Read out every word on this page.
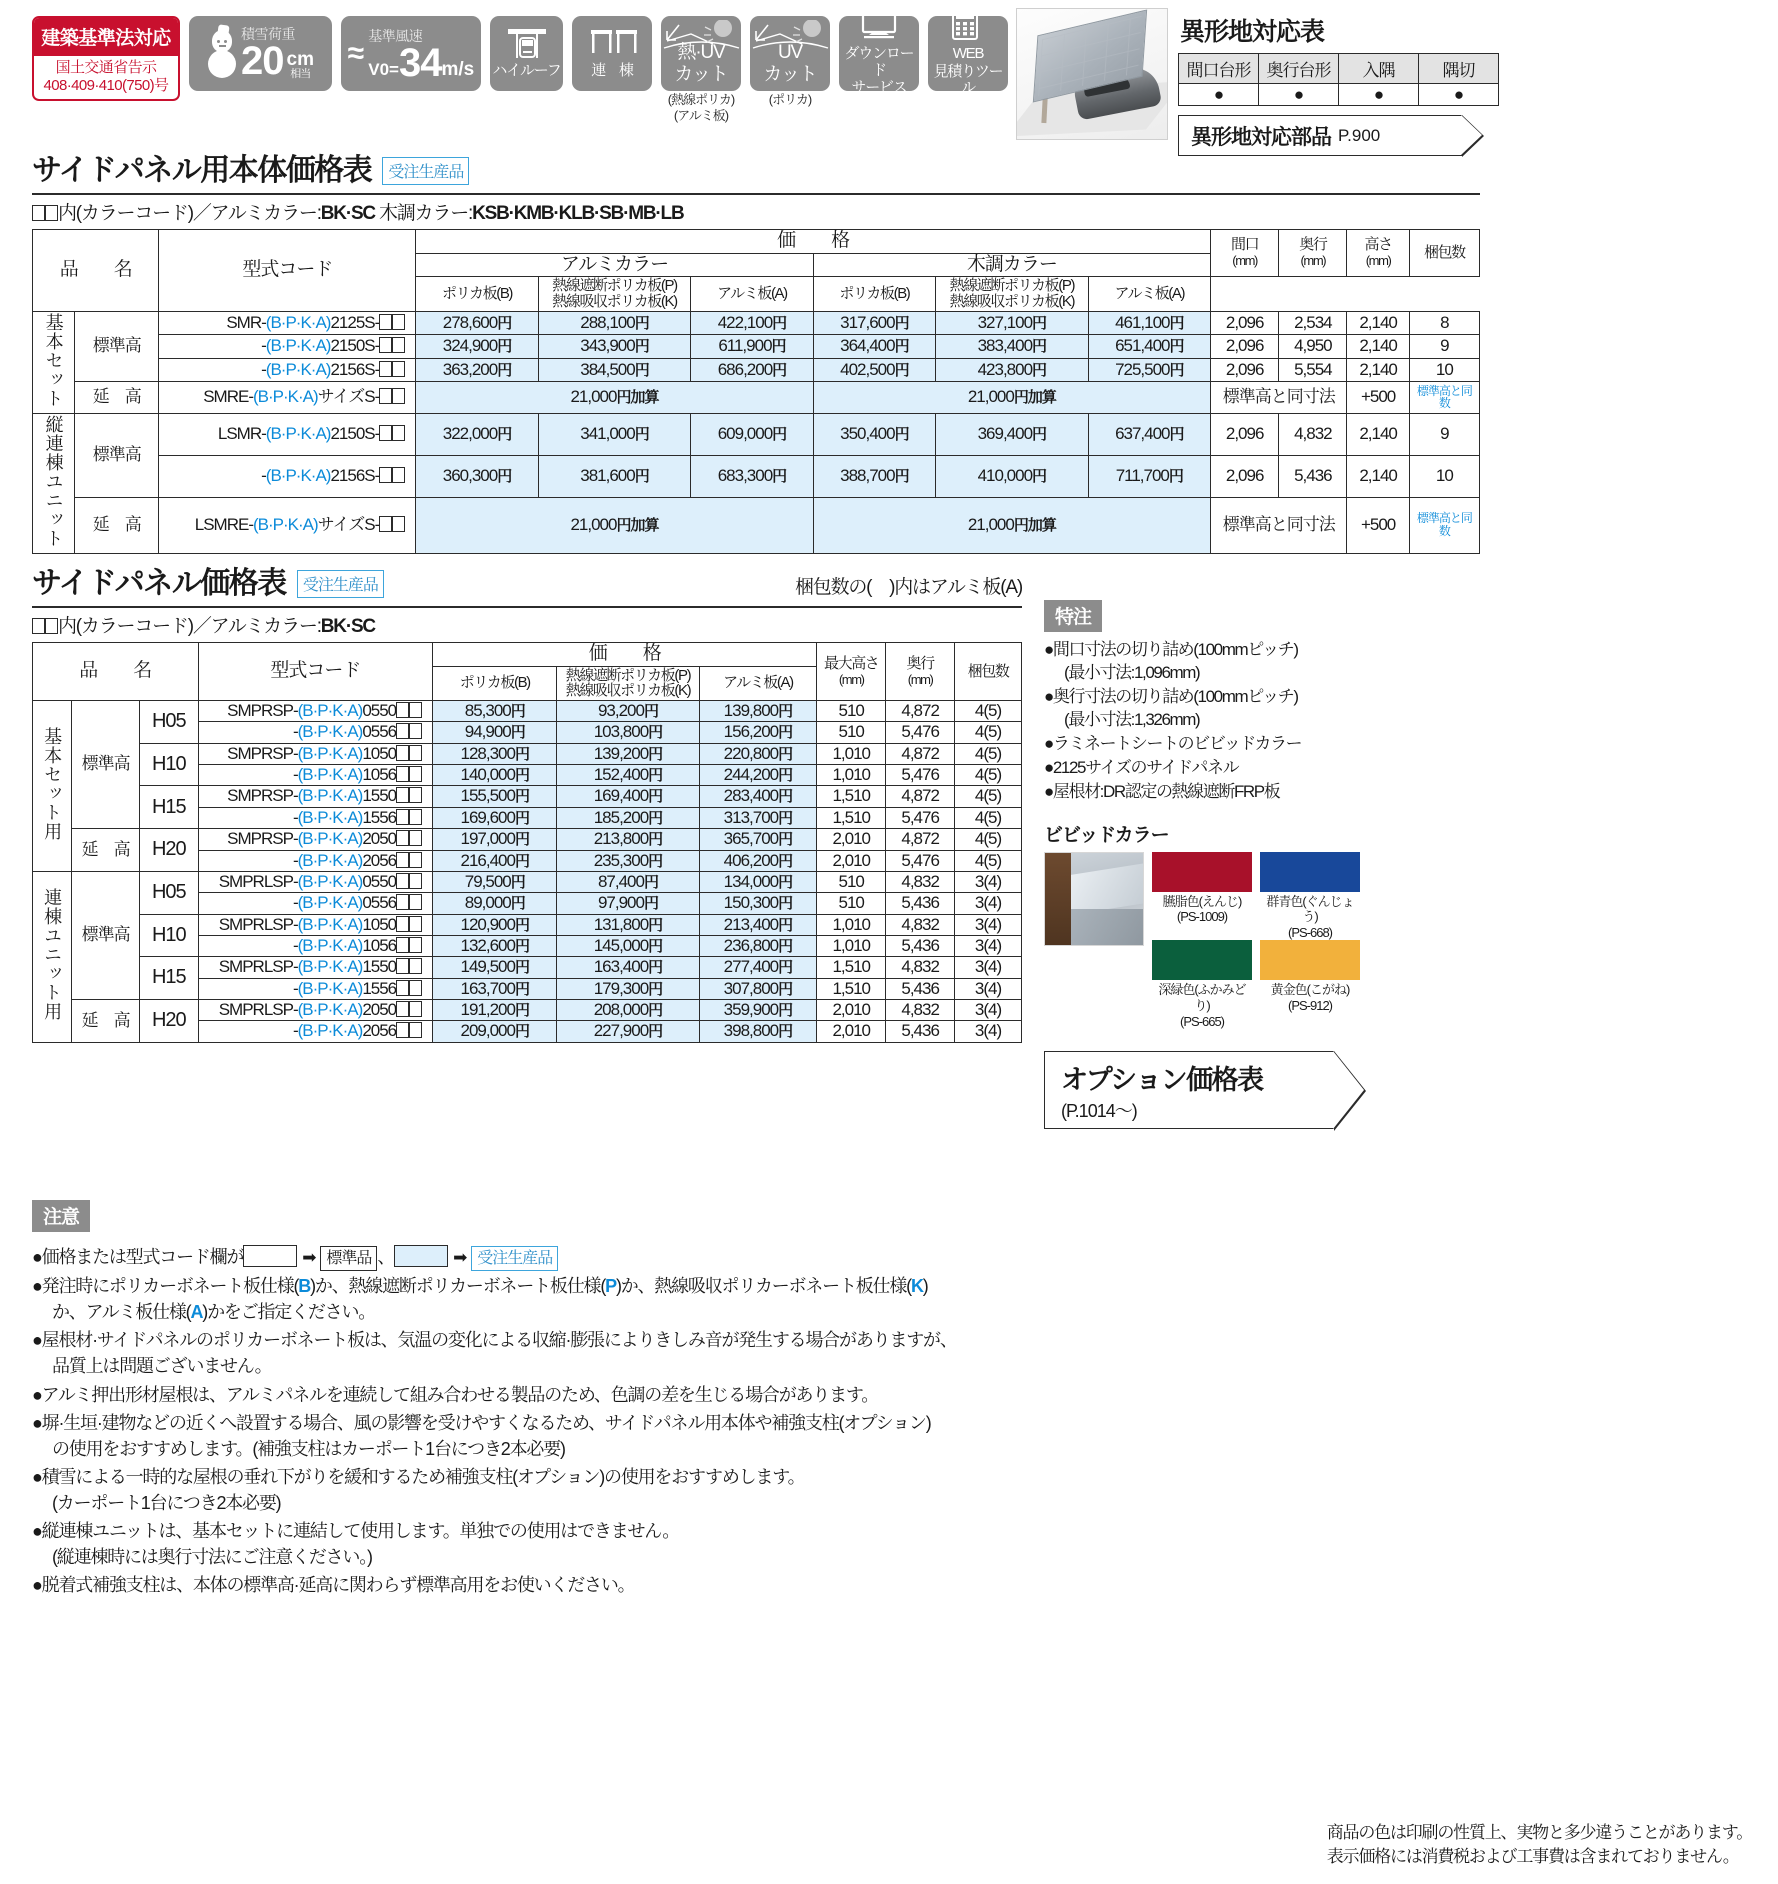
建築基準法対応
国土交通省告示
408·409·410(750)号
積雪荷重
20 cm
相当
≈
基準風速
V0= 34 m/s ハイルーフ 連　棟
熱·UV
カット
(熱線ポリカ)
(アルミ板)
UV
カット
(ポリカ)
ダウンロード
サービス
WEB
見積りツール
異形地対応表
間口台形	奥行台形	入隅	隅切
●	●	●	●
異形地対応部品 P.900
サイドパネル用本体価格表	受注生産品
内(カラーコード)／アルミカラー:BK·SC 木調カラー:KSB·KMB·KLB·SB·MB·LB
品　　名		型式コード	価　　格						間口
(mm)	奥行
(mm)	高さ
(mm)	梱包数
			アルミカラー			木調カラー						
			ポリカ板(B)	熱線遮断ポリカ板(P)
熱線吸収ポリカ板(K)	アルミ板(A)	ポリカ板(B)	熱線遮断ポリカ板(P)
熱線吸収ポリカ板(K)	アルミ板(A)			
基本セット	標準高	SMR-(B·P·K·A)2125S-	278,600円	288,100円	422,100円	317,600円	327,100円	461,100円	2,096	2,534	2,140	8
		-(B·P·K·A)2150S-	324,900円	343,900円	611,900円	364,400円	383,400円	651,400円	2,096	4,950	2,140	9
		-(B·P·K·A)2156S-	363,200円	384,500円	686,200円	402,500円	423,800円	725,500円	2,096	5,554	2,140	10
	延　高	SMRE-(B·P·K·A)サイズS-	21,000円加算			21,000円加算			標準高と同寸法		+500	標準高と同数
縦連棟ユニット	標準高	LSMR-(B·P·K·A)2150S-	322,000円	341,000円	609,000円	350,400円	369,400円	637,400円	2,096	4,832	2,140	9
		-(B·P·K·A)2156S-	360,300円	381,600円	683,300円	388,700円	410,000円	711,700円	2,096	5,436	2,140	10
	延　高	LSMRE-(B·P·K·A)サイズS-	21,000円加算			21,000円加算			標準高と同寸法		+500	標準高と同数
サイドパネル価格表	受注生産品	梱包数の(　)内はアルミ板(A)
内(カラーコード)／アルミカラー:BK·SC
品　　名			型式コード	価　　格			最大高さ
(mm)	奥行
(mm)	梱包数
				ポリカ板(B)	熱線遮断ポリカ板(P)
熱線吸収ポリカ板(K)	アルミ板(A)			
基本セット用	標準高	H05	SMPRSP-(B·P·K·A)0550	85,300円	93,200円	139,800円	510	4,872	4(5)
			-(B·P·K·A)0556	94,900円	103,800円	156,200円	510	5,476	4(5)
		H10	SMPRSP-(B·P·K·A)1050	128,300円	139,200円	220,800円	1,010	4,872	4(5)
			-(B·P·K·A)1056	140,000円	152,400円	244,200円	1,010	5,476	4(5)
		H15	SMPRSP-(B·P·K·A)1550	155,500円	169,400円	283,400円	1,510	4,872	4(5)
			-(B·P·K·A)1556	169,600円	185,200円	313,700円	1,510	5,476	4(5)
	延　高	H20	SMPRSP-(B·P·K·A)2050	197,000円	213,800円	365,700円	2,010	4,872	4(5)
			-(B·P·K·A)2056	216,400円	235,300円	406,200円	2,010	5,476	4(5)
連棟ユニット用	標準高	H05	SMPRLSP-(B·P·K·A)0550	79,500円	87,400円	134,000円	510	4,832	3(4)
			-(B·P·K·A)0556	89,000円	97,900円	150,300円	510	5,436	3(4)
		H10	SMPRLSP-(B·P·K·A)1050	120,900円	131,800円	213,400円	1,010	4,832	3(4)
			-(B·P·K·A)1056	132,600円	145,000円	236,800円	1,010	5,436	3(4)
		H15	SMPRLSP-(B·P·K·A)1550	149,500円	163,400円	277,400円	1,510	4,832	3(4)
			-(B·P·K·A)1556	163,700円	179,300円	307,800円	1,510	5,436	3(4)
	延　高	H20	SMPRLSP-(B·P·K·A)2050	191,200円	208,000円	359,900円	2,010	4,832	3(4)
			-(B·P·K·A)2056	209,000円	227,900円	398,800円	2,010	5,436	3(4)
特注
●間口寸法の切り詰め(100mmピッチ)
(最小寸法:1,096mm)
●奥行寸法の切り詰め(100mmピッチ)
(最小寸法:1,326mm)
●ラミネートシートのビビッドカラー
●2125サイズのサイドパネル
●屋根材:DR認定の熱線遮断FRP板
ビビッドカラー
臙脂色(えんじ)
(PS-1009)
群青色(ぐんじょう)
(PS-668)
深緑色(ふかみどり)
(PS-665)
黄金色(こがね)
(PS-912)
オプション価格表
(P.1014〜)
注意
●価格または型式コード欄が	➡ 標準品 、	➡ 受注生産品
●発注時にポリカーボネート板仕様(B)か、熱線遮断ポリカーボネート板仕様(P)か、熱線吸収ポリカーボネート板仕様(K)
か、アルミ板仕様(A)かをご指定ください。
●屋根材·サイドパネルのポリカーボネート板は、気温の変化による収縮·膨張によりきしみ音が発生する場合がありますが、
品質上は問題ございません。
●アルミ押出形材屋根は、アルミパネルを連続して組み合わせる製品のため、色調の差を生じる場合があります。
●塀·生垣·建物などの近くへ設置する場合、風の影響を受けやすくなるため、サイドパネル用本体や補強支柱(オプション)
の使用をおすすめします。(補強支柱はカーポート1台につき2本必要)
●積雪による一時的な屋根の垂れ下がりを緩和するため補強支柱(オプション)の使用をおすすめします。
(カーポート1台につき2本必要)
●縦連棟ユニットは、基本セットに連結して使用します。単独での使用はできません。
(縦連棟時には奥行寸法にご注意ください。)
●脱着式補強支柱は、本体の標準高·延高に関わらず標準高用をお使いください。
商品の色は印刷の性質上、実物と多少違うことがあります。
表示価格には消費税および工事費は含まれておりません。
